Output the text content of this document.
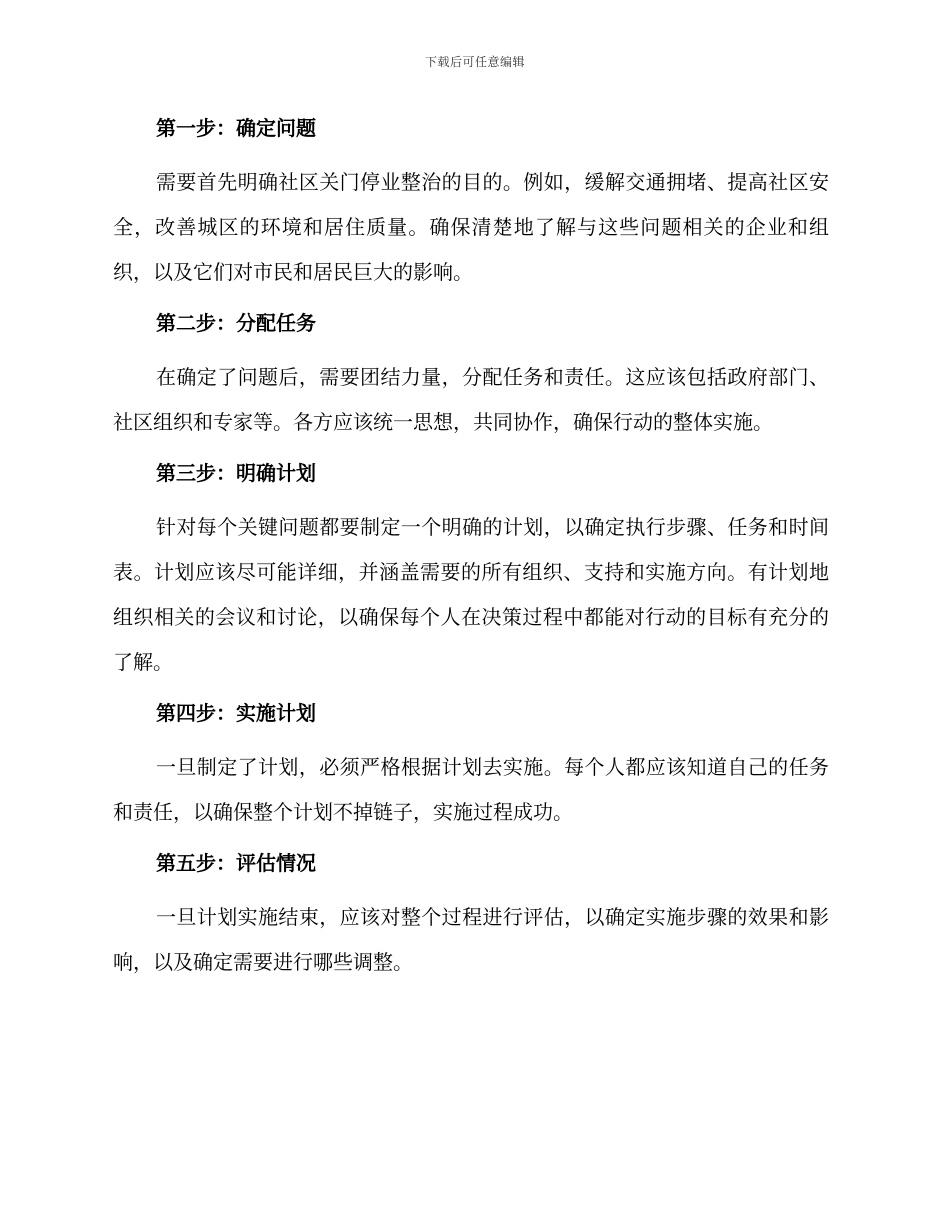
下载后可任意编辑
第一步：确定问题
需要首先明确社区关门停业整治的目的。例如，缓解交通拥堵、提高社区安全，改善城区的环境和居住质量。确保清楚地了解与这些问题相关的企业和组织，以及它们对市民和居民巨大的影响。
第二步：分配任务
在确定了问题后，需要团结力量，分配任务和责任。这应该包括政府部门、社区组织和专家等。各方应该统一思想，共同协作，确保行动的整体实施。
第三步：明确计划
针对每个关键问题都要制定一个明确的计划，以确定执行步骤、任务和时间表。计划应该尽可能详细，并涵盖需要的所有组织、支持和实施方向。有计划地组织相关的会议和讨论，以确保每个人在决策过程中都能对行动的目标有充分的了解。
第四步：实施计划
一旦制定了计划，必须严格根据计划去实施。每个人都应该知道自己的任务和责任，以确保整个计划不掉链子，实施过程成功。
第五步：评估情况
一旦计划实施结束，应该对整个过程进行评估，以确定实施步骤的效果和影响，以及确定需要进行哪些调整。
